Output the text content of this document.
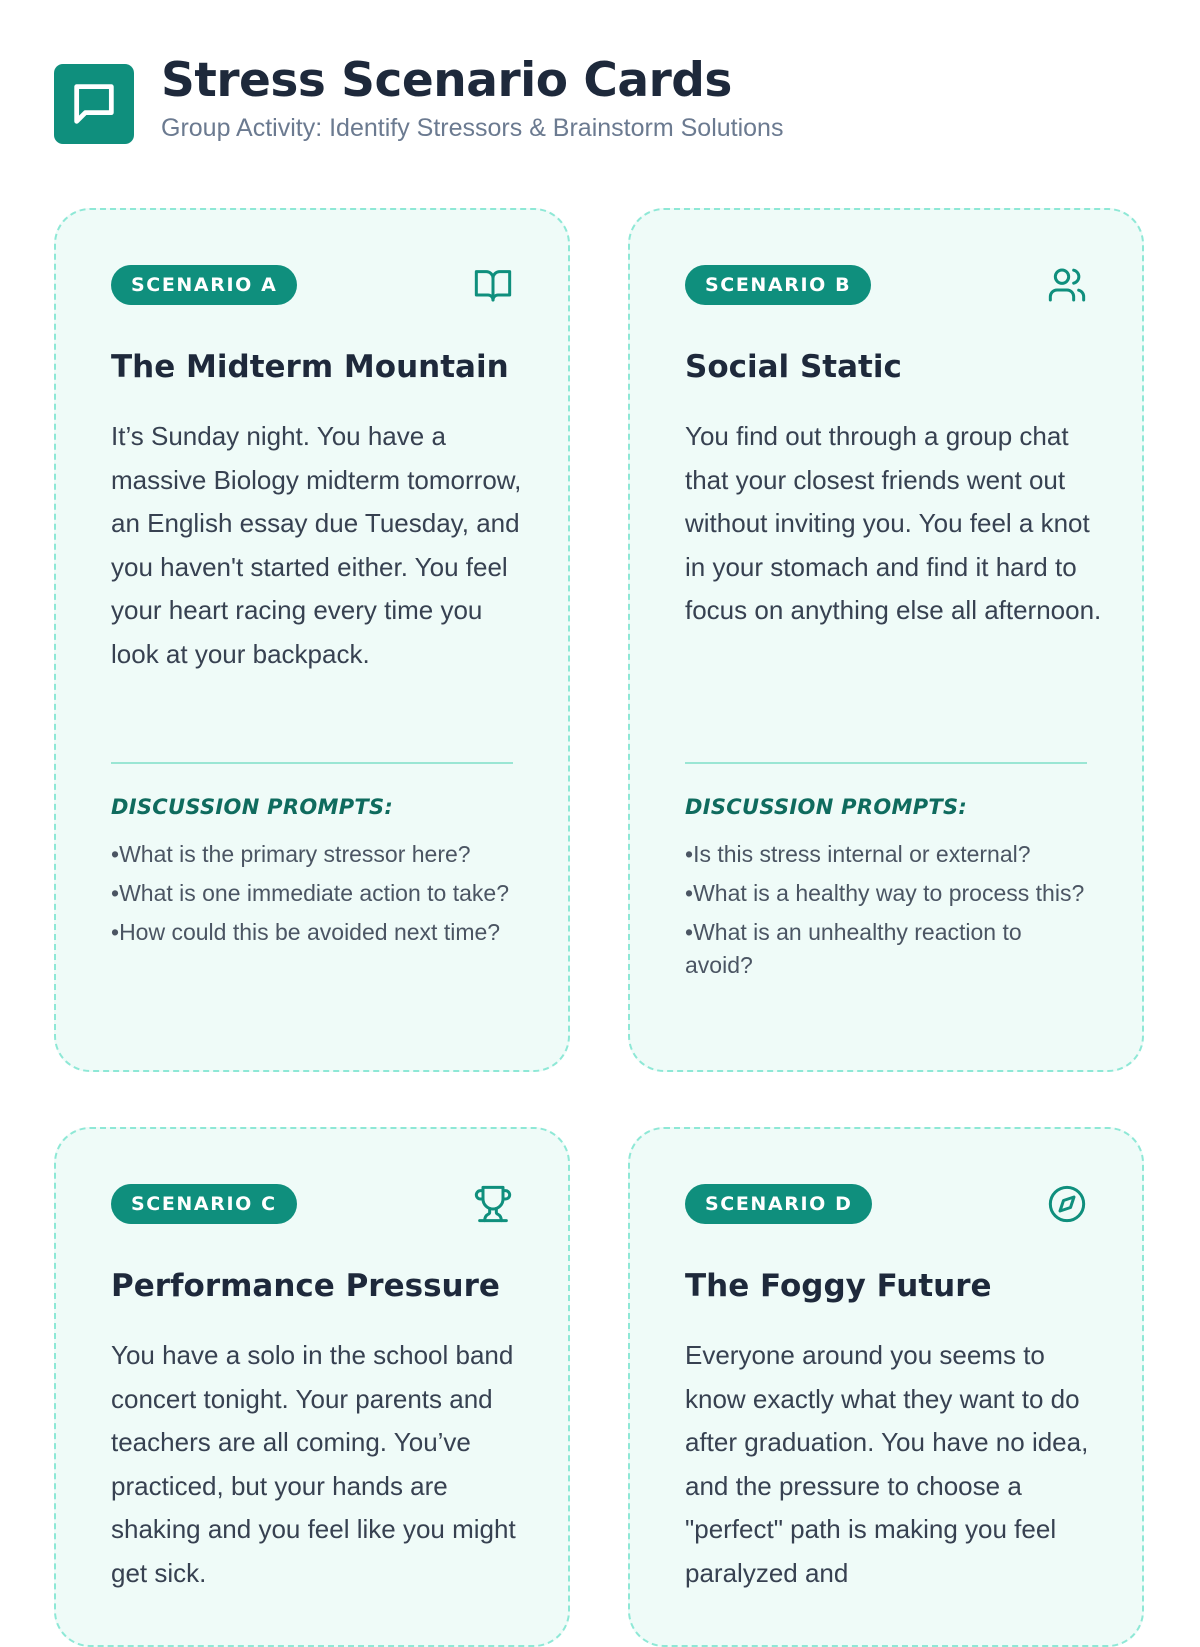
Stress Scenario Cards
Group Activity: Identify Stressors & Brainstorm Solutions
SCENARIO A
The Midterm Mountain
It’s Sunday night. You have a massive Biology midterm tomorrow, an English essay due Tuesday, and you haven't started either. You feel your heart racing every time you look at your backpack.
DISCUSSION PROMPTS:
• What is the primary stressor here?
• What is one immediate action to take?
• How could this be avoided next time?
SCENARIO B
Social Static
You find out through a group chat that your closest friends went out without inviting you. You feel a knot in your stomach and find it hard to focus on anything else all afternoon.
DISCUSSION PROMPTS:
• Is this stress internal or external?
• What is a healthy way to process this?
• What is an unhealthy reaction to avoid?
SCENARIO C
Performance Pressure
You have a solo in the school band concert tonight. Your parents and teachers are all coming. You’ve practiced, but your hands are shaking and you feel like you might get sick.
SCENARIO D
The Foggy Future
Everyone around you seems to know exactly what they want to do after graduation. You have no idea, and the pressure to choose a "perfect" path is making you feel paralyzed and
